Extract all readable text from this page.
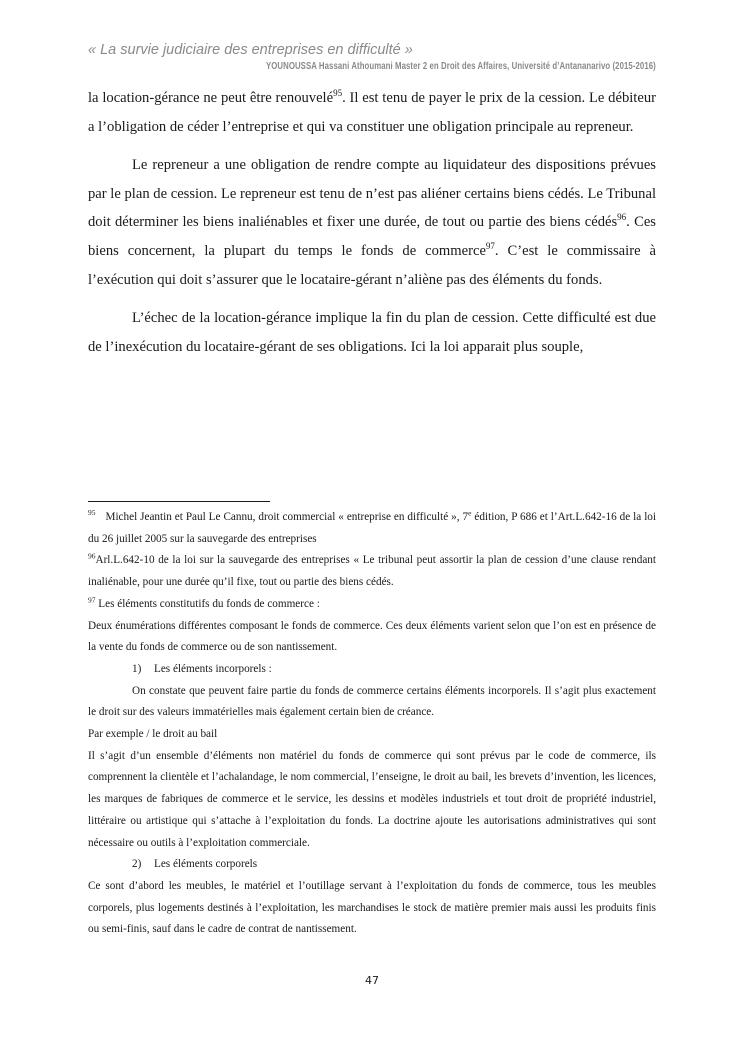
« La survie judiciaire des entreprises en difficulté »
YOUNOUSSA Hassani Athoumani Master 2 en Droit des Affaires, Université d’Antananarivo (2015-2016)

la location-gérance ne peut être renouvelé$^{95}$. Il est tenu de payer le prix de la cession. Le débiteur a l’obligation de céder l’entreprise et qui va constituer une obligation principale au repreneur.

Le repreneur a une obligation de rendre compte au liquidateur des dispositions prévues par le plan de cession. Le repreneur est tenu de n’est pas aliéner certains biens cédés. Le Tribunal doit déterminer les biens inaliénables et fixer une durée, de tout ou partie des biens cédés$^{96}$. Ces biens concernent, la plupart du temps le fonds de commerce$^{97}$. C’est le commissaire à l’exécution qui doit s’assurer que le locataire-gérant n’aliène pas des éléments du fonds.

L’échec de la location-gérance implique la fin du plan de cession. Cette difficulté est due de l’inexécution du locataire-gérant de ses obligations. Ici la loi apparait plus souple,

$^{95}$ Michel Jeantin et Paul Le Cannu, droit commercial « entreprise en difficulté », 7e édition, P 686 et l’Art.L.642-16 de la loi du 26 juillet 2005 sur la sauvegarde des entreprises

$^{96}$Arl.L.642-10 de la loi sur la sauvegarde des entreprises « Le tribunal peut assortir la plan de cession d’une clause rendant inaliénable, pour une durée qu’il fixe, tout ou partie des biens cédés.

$^{97}$ Les éléments constitutifs du fonds de commerce :

Deux énumérations différentes composant le fonds de commerce. Ces deux éléments varient selon que l’on est en présence de la vente du fonds de commerce ou de son nantissement.

1) Les éléments incorporels :

On constate que peuvent faire partie du fonds de commerce certains éléments incorporels. Il s’agit plus exactement le droit sur des valeurs immatérielles mais également certain bien de créance.

Par exemple / le droit au bail

Il s’agit d’un ensemble d’éléments non matériel du fonds de commerce qui sont prévus par le code de commerce, ils comprennent la clientèle et l’achalandage, le nom commercial, l’enseigne, le droit au bail, les brevets d’invention, les licences, les marques de fabriques de commerce et le service, les dessins et modèles industriels et tout droit de propriété industriel, littéraire ou artistique qui s’attache à l’exploitation du fonds. La doctrine ajoute les autorisations administratives qui sont nécessaire ou outils à l’exploitation commerciale.

2) Les éléments corporels

Ce sont d’abord les meubles, le matériel et l’outillage servant à l’exploitation du fonds de commerce, tous les meubles corporels, plus logements destinés à l’exploitation, les marchandises le stock de matière premier mais aussi les produits finis ou semi-finis, sauf dans le cadre de contrat de nantissement.

47
